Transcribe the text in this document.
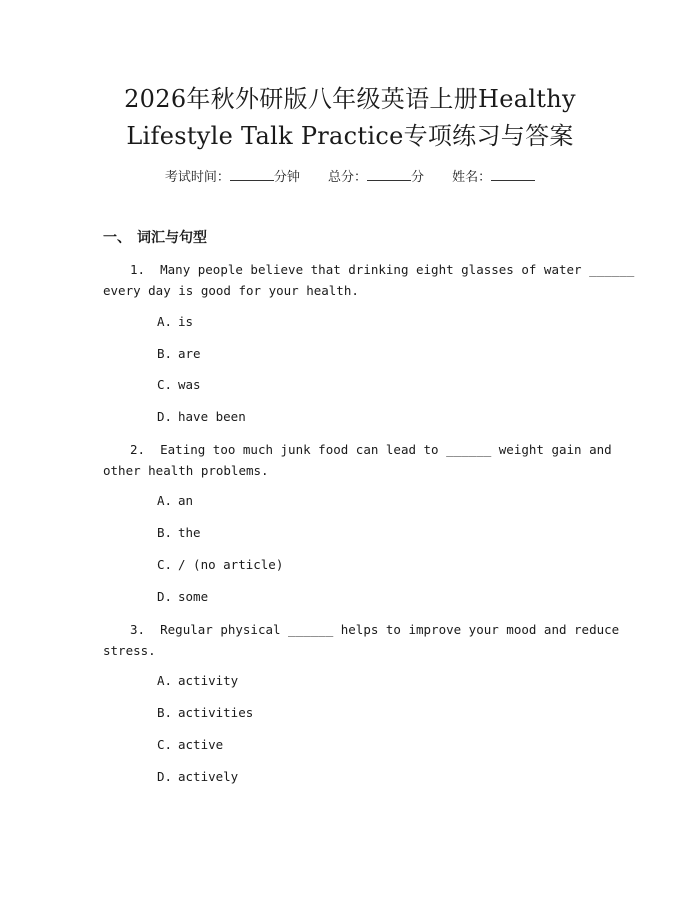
2026年秋外研版八年级英语上册Healthy
Lifestyle Talk Practice专项练习与答案
考试时间：	分钟 总分：	分 姓名：
一、 词汇与句型
1. Many people believe that drinking eight glasses of water ______
every day is good for your health.
A. is
B. are
C. was
D. have been
2. Eating too much junk food can lead to ______ weight gain and
other health problems.
A. an
B. the
C. / (no article)
D. some
3. Regular physical ______ helps to improve your mood and reduce
stress.
A. activity
B. activities
C. active
D. actively
